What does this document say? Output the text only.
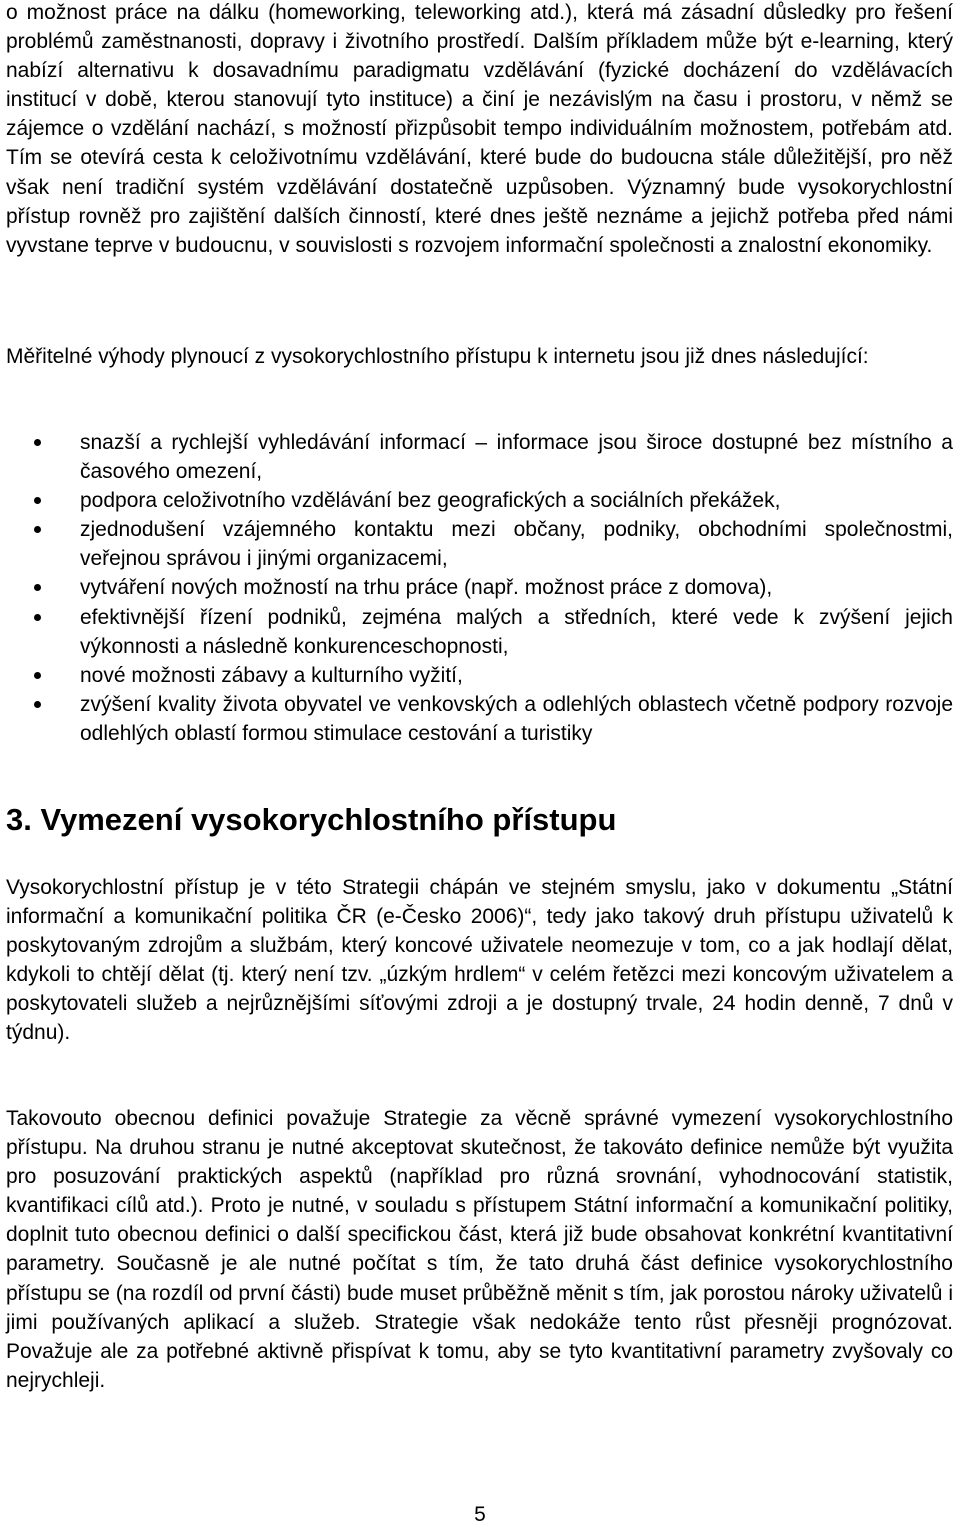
o možnost práce na dálku (homeworking, teleworking atd.), která má zásadní důsledky pro řešení problémů zaměstnanosti, dopravy i životního prostředí. Dalším příkladem může být e-learning, který nabízí alternativu k dosavadnímu paradigmatu vzdělávání (fyzické docházení do vzdělávacích institucí v době, kterou stanovují tyto instituce) a činí je nezávislým na času i prostoru, v němž se zájemce o vzdělání nachází, s možností přizpůsobit tempo individuálním možnostem, potřebám atd. Tím se otevírá cesta k celoživotnímu vzdělávání, které bude do budoucna stále důležitější, pro něž však není tradiční systém vzdělávání dostatečně uzpůsoben. Významný bude vysokorychlostní přístup rovněž pro zajištění dalších činností, které dnes ještě neznáme a jejichž potřeba před námi vyvstane teprve v budoucnu, v souvislosti s rozvojem informační společnosti a znalostní ekonomiky.

Měřitelné výhody plynoucí z vysokorychlostního přístupu k internetu jsou již dnes následující:

snazší a rychlejší vyhledávání informací – informace jsou široce dostupné bez místního a časového omezení,
podpora celoživotního vzdělávání bez geografických a sociálních překážek,
zjednodušení vzájemného kontaktu mezi občany, podniky, obchodními společnostmi, veřejnou správou i jinými organizacemi,
vytváření nových možností na trhu práce (např. možnost práce z domova),
efektivnější řízení podniků, zejména malých a středních, které vede k zvýšení jejich výkonnosti a následně konkurenceschopnosti,
nové možnosti zábavy a kulturního vyžití,
zvýšení kvality života obyvatel ve venkovských a odlehlých oblastech včetně podpory rozvoje odlehlých oblastí formou stimulace cestování a turistiky
3. Vymezení vysokorychlostního přístupu

Vysokorychlostní přístup je v této Strategii chápán ve stejném smyslu, jako v dokumentu „Státní informační a komunikační politika ČR (e-Česko 2006)“, tedy jako takový druh přístupu uživatelů k poskytovaným zdrojům a službám, který koncové uživatele neomezuje v tom, co a jak hodlají dělat, kdykoli to chtějí dělat (tj. který není tzv. „úzkým hrdlem“ v celém řetězci mezi koncovým uživatelem a poskytovateli služeb a nejrůznějšími síťovými zdroji a je dostupný trvale, 24 hodin denně, 7 dnů v týdnu).

Takovouto obecnou definici považuje Strategie za věcně správné vymezení vysokorychlostního přístupu. Na druhou stranu je nutné akceptovat skutečnost, že takováto definice nemůže být využita pro posuzování praktických aspektů (například pro různá srovnání, vyhodnocování statistik, kvantifikaci cílů atd.). Proto je nutné, v souladu s přístupem Státní informační a komunikační politiky, doplnit tuto obecnou definici o další specifickou část, která již bude obsahovat konkrétní kvantitativní parametry. Současně je ale nutné počítat s tím, že tato druhá část definice vysokorychlostního přístupu se (na rozdíl od první části) bude muset průběžně měnit s tím, jak porostou nároky uživatelů i jimi používaných aplikací a služeb. Strategie však nedokáže tento růst přesněji prognózovat. Považuje ale za potřebné aktivně přispívat k tomu, aby se tyto kvantitativní parametry zvyšovaly co nejrychleji.

5
